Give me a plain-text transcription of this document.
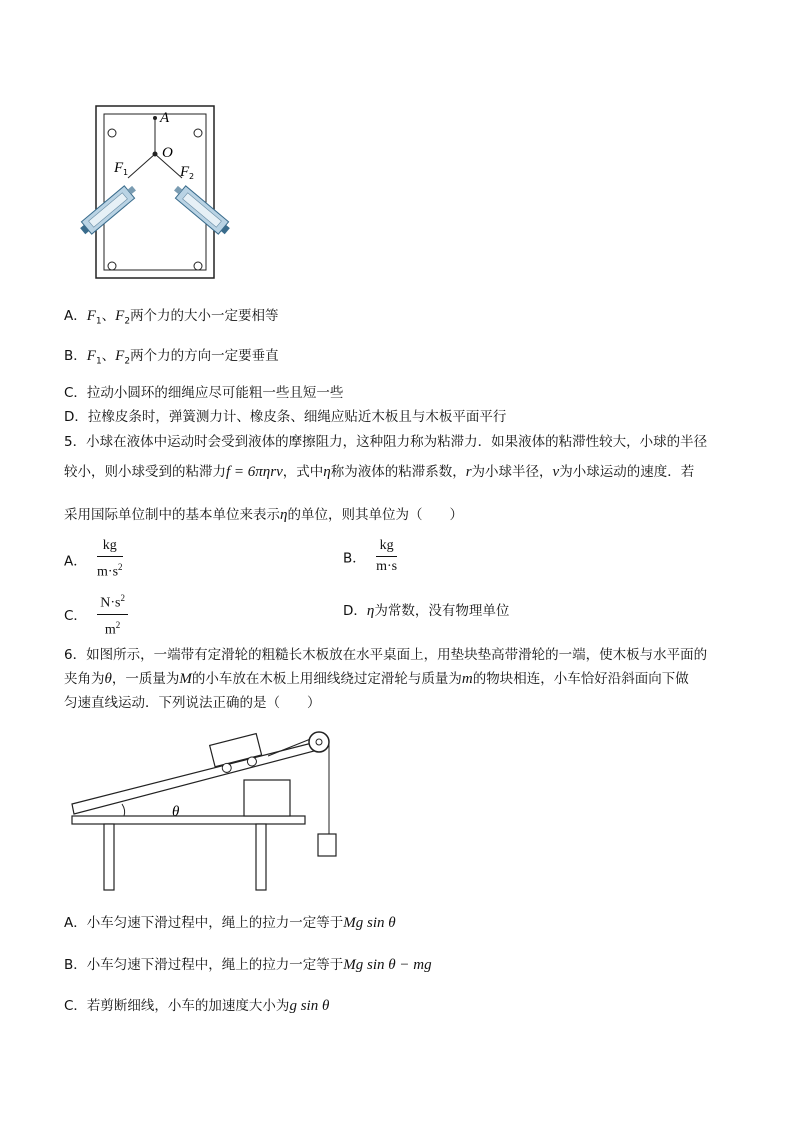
A
O
F 1	F 2
A．$F_1$、$F_2$两个力的大小一定要相等
B．$F_1$、$F_2$两个力的方向一定要垂直
C．拉动小圆环的细绳应尽可能粗一些且短一些
D．拉橡皮条时，弹簧测力计、橡皮条、细绳应贴近木板且与木板平面平行
5．小球在液体中运动时会受到液体的摩擦阻力，这种阻力称为粘滞力．如果液体的粘滞性较大，小球的半径
较小，则小球受到的粘滞力f = 6πηrv，式中η称为液体的粘滞系数，r为小球半径，v为小球运动的速度．若
采用国际单位制中的基本单位来表示η的单位，则其单位为（　　）
A． $\frac{kg}{m\cdot s^2}$	B． $\frac{kg}{m\cdot s}$
C． $\frac{N\cdot s^2}{m^2}$	D．η为常数，没有物理单位
6．如图所示，一端带有定滑轮的粗糙长木板放在水平桌面上，用垫块垫高带滑轮的一端，使木板与水平面的
夹角为θ，一质量为M的小车放在木板上用细线绕过定滑轮与质量为m的物块相连，小车恰好沿斜面向下做
匀速直线运动．下列说法正确的是（　　）
θ
A．小车匀速下滑过程中，绳上的拉力一定等于Mg sin θ
B．小车匀速下滑过程中，绳上的拉力一定等于Mg sin θ − mg
C．若剪断细线，小车的加速度大小为g sin θ
